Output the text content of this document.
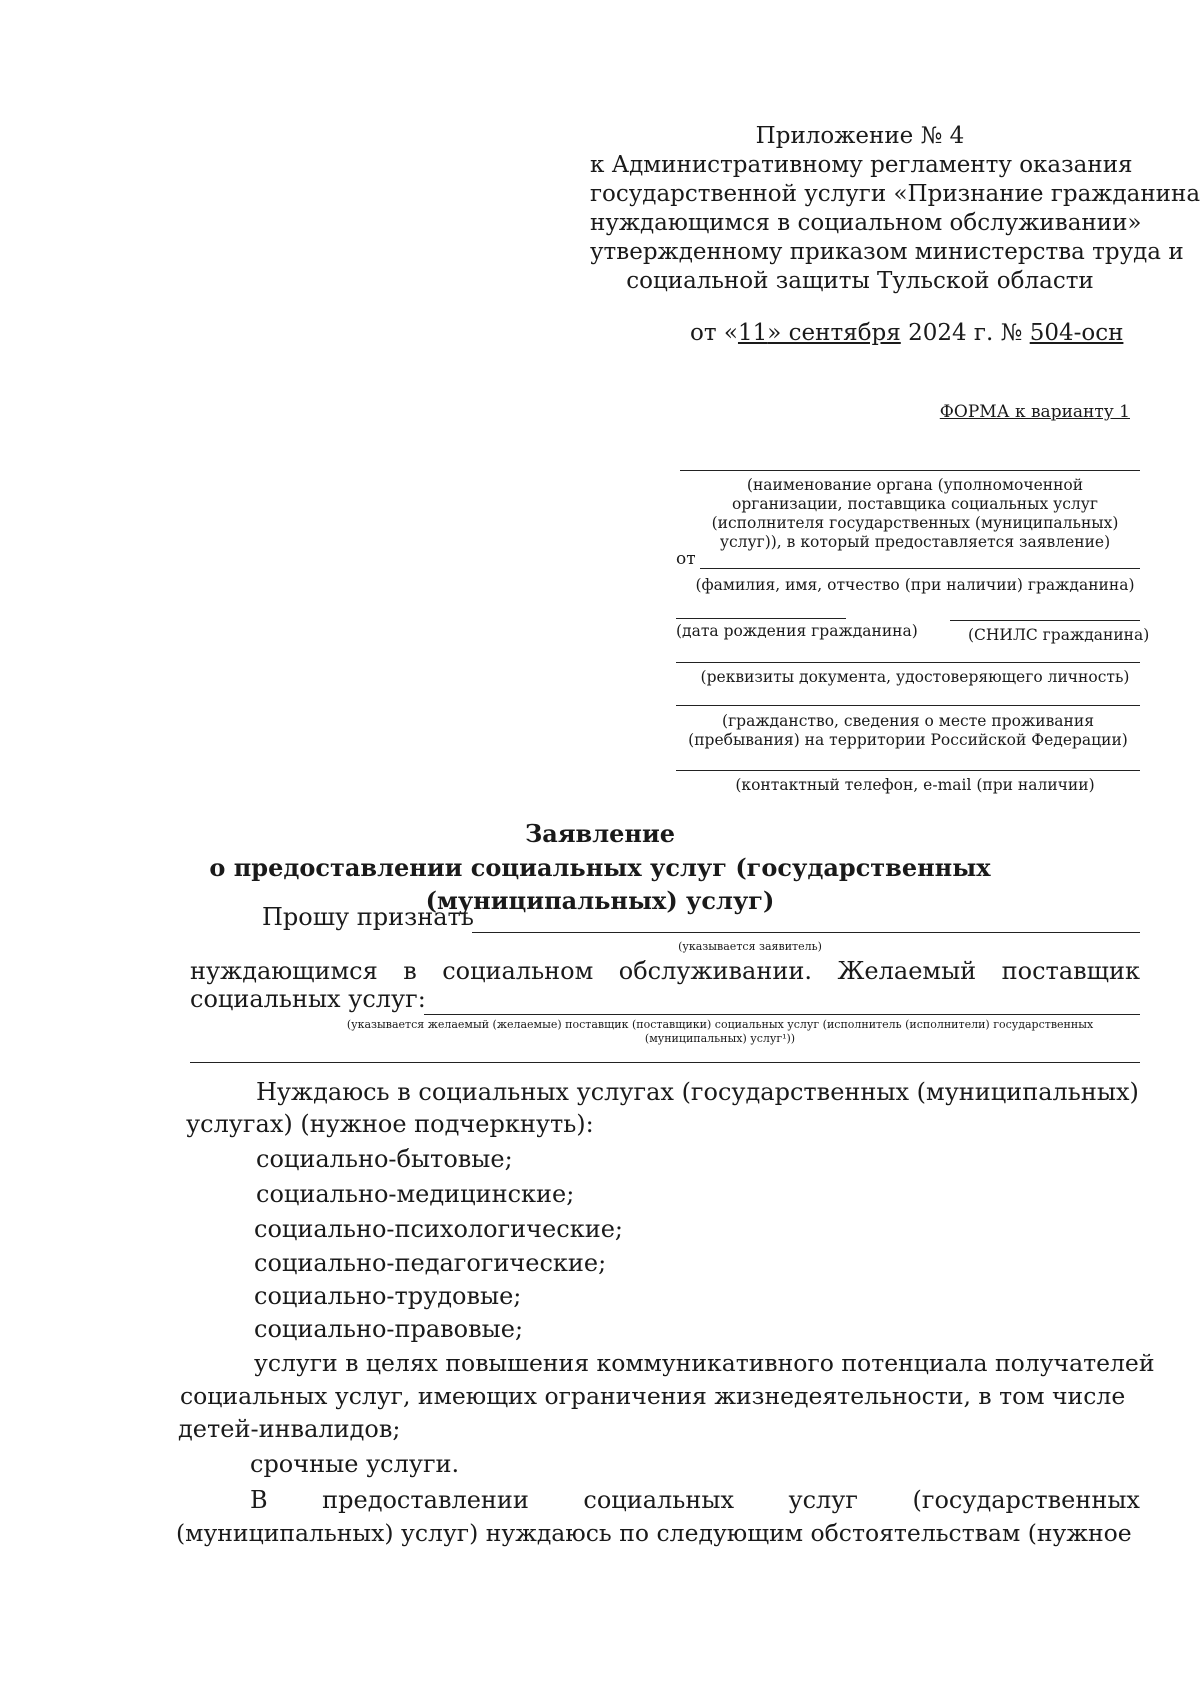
Приложение № 4
к Административному регламенту оказания
государственной услуги «Признание гражданина
нуждающимся в социальном обслуживании»
утвержденному приказом министерства труда и
социальной защиты Тульской области
от «11» сентября 2024 г. № 504-осн
ФОРМА к варианту 1
(наименование органа (уполномоченной организации, поставщика социальных услуг (исполнителя государственных (муниципальных) услуг)), в который предоставляется заявление)
от
(фамилия, имя, отчество (при наличии) гражданина)
(дата рождения гражданина)	(СНИЛС гражданина)
(реквизиты документа, удостоверяющего личность)
(гражданство, сведения о месте проживания (пребывания) на территории Российской Федерации)
(контактный телефон, e-mail (при наличии)
Заявление
о предоставлении социальных услуг (государственных
(муниципальных) услуг)
Прошу признать
(указывается заявитель)
нуждающимся в социальном обслуживании. Желаемый поставщик
социальных услуг:
(указывается желаемый (желаемые) поставщик (поставщики) социальных услуг (исполнитель (исполнители) государственных
(муниципальных) услуг¹))
Нуждаюсь в социальных услугах (государственных (муниципальных)
услугах) (нужное подчеркнуть):
социально-бытовые;
социально-медицинские;
социально-психологические;
социально-педагогические;
социально-трудовые;
социально-правовые;
услуги в целях повышения коммуникативного потенциала получателей
социальных услуг, имеющих ограничения жизнедеятельности, в том числе
детей-инвалидов;
срочные услуги.
В предоставлении социальных услуг (государственных
(муниципальных) услуг) нуждаюсь по следующим обстоятельствам (нужное
